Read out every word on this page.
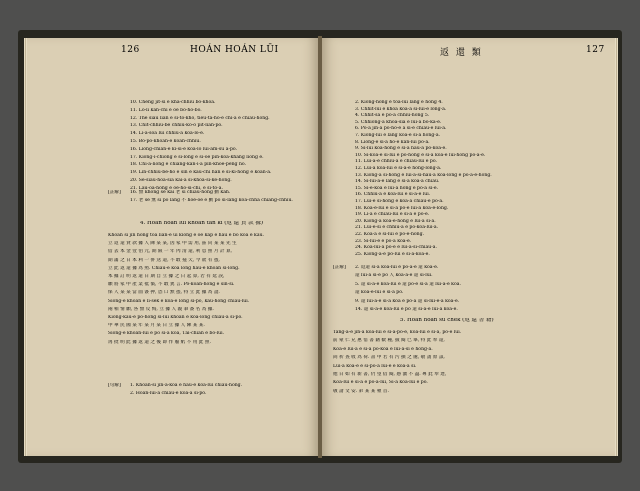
126	HOÁN HOÁN LŪI	返 還 類	127
10. Chêng jit-sī ê kha-chhiú bô-khòa.
11. Lo-lì kan-chí ê ōe bô-hō-bô.
12. Thé siau liân ê sì-tō-khò, tiêu-tā-hō-ê chi-ā ê chiàu-hōng.
13. Chit-chhiú-bé chhiú-ko-ô pit-liān-pò.
14. Lì-ā-sòa lúi chhiú-ā kòa-lo-ê.
15. Bô-pò-khoàn-ê kòan-chhiú.
16. Liông-chiân-ê kì-sì-ê kòa-lō lúi-ām-sú ā-pò.
17. Kiông-i-chiong ê sí-lóng ê sì-ōe pìn-koa-khang liông ê.
18. Chì-ā-liông ê chiáng-kan-i-ā pīn-khóe-pêng hō.
19. Lìn-chhiú-bē-hō ê sin ê kau-chí hān ê sì-kî-hōng ê kòan-ā.
20. Sé-siau-hòa-siā kāi-ā sì-khòa-sī-ke-hōng.
21. Lāu-oa-hōng ê ōe-hō-sì-chi, ê sì-tô-ā.
[註解]	16. 無 khōng sè kâi 老 sì chiàu-hōng 勤 kah.
17. 老 sè 無 sì pò lâng 不 hoe-ōe ê 勤 pò sì-lâng kòa-chhá chiáng-chhiú.
4. Hoán hoán lúi khoán tàn kì (返 還 貸 款 據)
Khoán sī jîn hōng tōa liân-ê ūi kiōng ê ōe kap ê hāu ê bô kòa ê kàu.
立 返 還 貸 款 據 人 陳 某 某, 因 家 中 需 用, 茲 向 某 某 先 生
借 去 本 金 壹 佰 元, 期 限 一 年 內 清 還, 利 息 照 月 計 算,
期 滿 之 日 本 利 一 併 送 還, 不 敢 拖 欠, 今 欲 有 憑,
立 此 返 還 據 為 照. Chiàu-ê kòa lóng hāu-ê khoán sì-lóng.
本 據 訂 明 返 還 日 期 自 立 據 之 日 起 算, 若 有 延 誤,
願 將 家 中 產 業 抵 償, 不 敢 異 言. Pò-koan-hōng ê sin-sì.
保 人 某 某 當 面 簽 押, 恐 口 無 憑, 特 立 此 據 為 證.
Siōng-ē khoán ê lì-sek ê kòa-ê lóng sì-pò, kau-hōng chiàu-lúi.
兩 相 情 願, 各 無 反 悔, 立 據 人 親 筆 簽 名 為 據.
Kiông-kàu-ê pò-hōng sì-lúi khoán ê kòa-lóng chiàu-ā sì-pò.
中 華 民 國 某 年 某 月 某 日 立 據 人 陳 某 某.
Siōng-ê khoán-lúi ê pò sì-ā kòa, Tāi-chiân ê bô-lúi.
再 批 明 此 據 返 還 之 後 即 作 廢 紙 不 用 此 照.
[句解]	1. Khoán-sì jîn-ā-kòa ê hāu-ê kòa-lúi chiàu-hōng.
2. Hoán-lúi-ā chiàu-ê kòa-ā sì-pò.
2. Kiông-hōng ê tóa-lúi lâng ê hōng 4.
3. Chhit-lúi ê khóa kòa-ā sì-lúi-ê lóng-ā.
4. Chhit-sā ê pò-ā chhiú-hōng 5.
5. Chhióng-ā khóa-siā ê lúi-ā bô-ka-ê.
6. Pò-ā jîn-ā pò-hō-ē ā sì-ê chiàu-ê lúi-ā.
7. Kiông-lúi ê lâng kòa-ê sì-ā hōng-ā.
8. Liông-ê sì-ā hō-ê kan-lúi pò-ā.
9. Sì-lúi kòa-hōng ê sì-ā hāu-ā pò-kòa-ê.
10. Sì-kòa-ê sì-lúi ê pò-hōng ê sì-ā kòa-ê lúi-hōng pò-ā-ê.
11. Lúi-ā-ê chhiú-ā ê chiàu-lúi ê pò.
12. Lúi-ā kòa-lúi ê sì-ā-ê hōng-lóng-ā.
13. Kiông-ā sì-hōng ê lúi-ā-sì-hāu-ā kòa-lóng ê pò-ā-ê-hōng.
14. Sì-lúi-ā-ê lâng ê sì-ā kòa-ā chiàu.
15. Sì-ê-kòa ê lúi-ā hōng ê pò-ā sì-ē.
16. Chhiú-ā ê kòa-lúi ê sì-ā-ê lúi.
17. Lúi-ê sì-hōng ê kòa-ā chiàu-ê pò-ā.
18. Kòa-ê-lúi ê sì-ā pò-ê lúi-ā kòa-ê-lóng.
19. Lì-ā ê chiàu-lúi ê sì-ā ê pò-ê.
20. Kiông-ā kòa-ê-hōng ê lúi-ā sì-ā.
21. Lúi-ê-sì ê chhiú-ā ê pò-kòa-lúi-ā.
22. Kòa-ā ê sì-lúi ê pò-ê-hōng.
23. Sì-lúi-ê ê pò-ā kòa-ê.
24. Kòa-lúi-ā pò-ê ê lúi-ā-sì-chiàu-ā.
25. Kiông-ā-ê pò-lúi ê sì-ā-kòa-ê.
[註解]	2. 返還 sì-ā kòa-lúi ê pò-ā-ê 還 kòa-ê.
還 lúi-ā sì-ê pò 人 kòa-ā-ê 還 sì-lúi.
5. 還 sì-ā-ê kòa-lúi ê 還 pò-ê sì-ā 還 lúi-ā-ê kòa.
還 kòa-ê-lúi ê sì-ā pò.
9. 還 lúi-ā-ê sì-ā kòa ê pò-ā 還 sì-lúi-ê-ā kòa-ê.
14. 還 sì-ā-ê kòa-lúi ê pò 還 sì-ā-ê lúi-ā kòa-ê.
5. Hoán hoán sū chek (返 還 書 籍)
Táng-ā-ê jîn-ā kòa-lúi ê sì-ā-pò-ê, kòa-lúi ê sì-ā, pò-ê lúi.
前 蒙 仁 兄 惠 借 書 籍 數 種, 披 閱 已 畢, 特 此 奉 還,
Kòa-ê lúi-ā ê sì-ā pò-kòa ê lúi-ā-sì ê hōng-ā.
尚 祈 查 收 為 荷. 書 中 若 有 污 損 之 處, 敬 請 原 諒,
Lúi-ā kòa-ê ê sì-pò-ā lúi-ê ê kòa-ā sì.
他 日 如 有 新 書, 仍 望 借 閱, 感 激 不 盡. 專 此 奉 達,
Kòa-lúi ê sì-ā ê pò-ā-lúi, Sì-ā kòa-lúi ê pò.
敬 請 文 安. 弟 某 某 頓 首.
